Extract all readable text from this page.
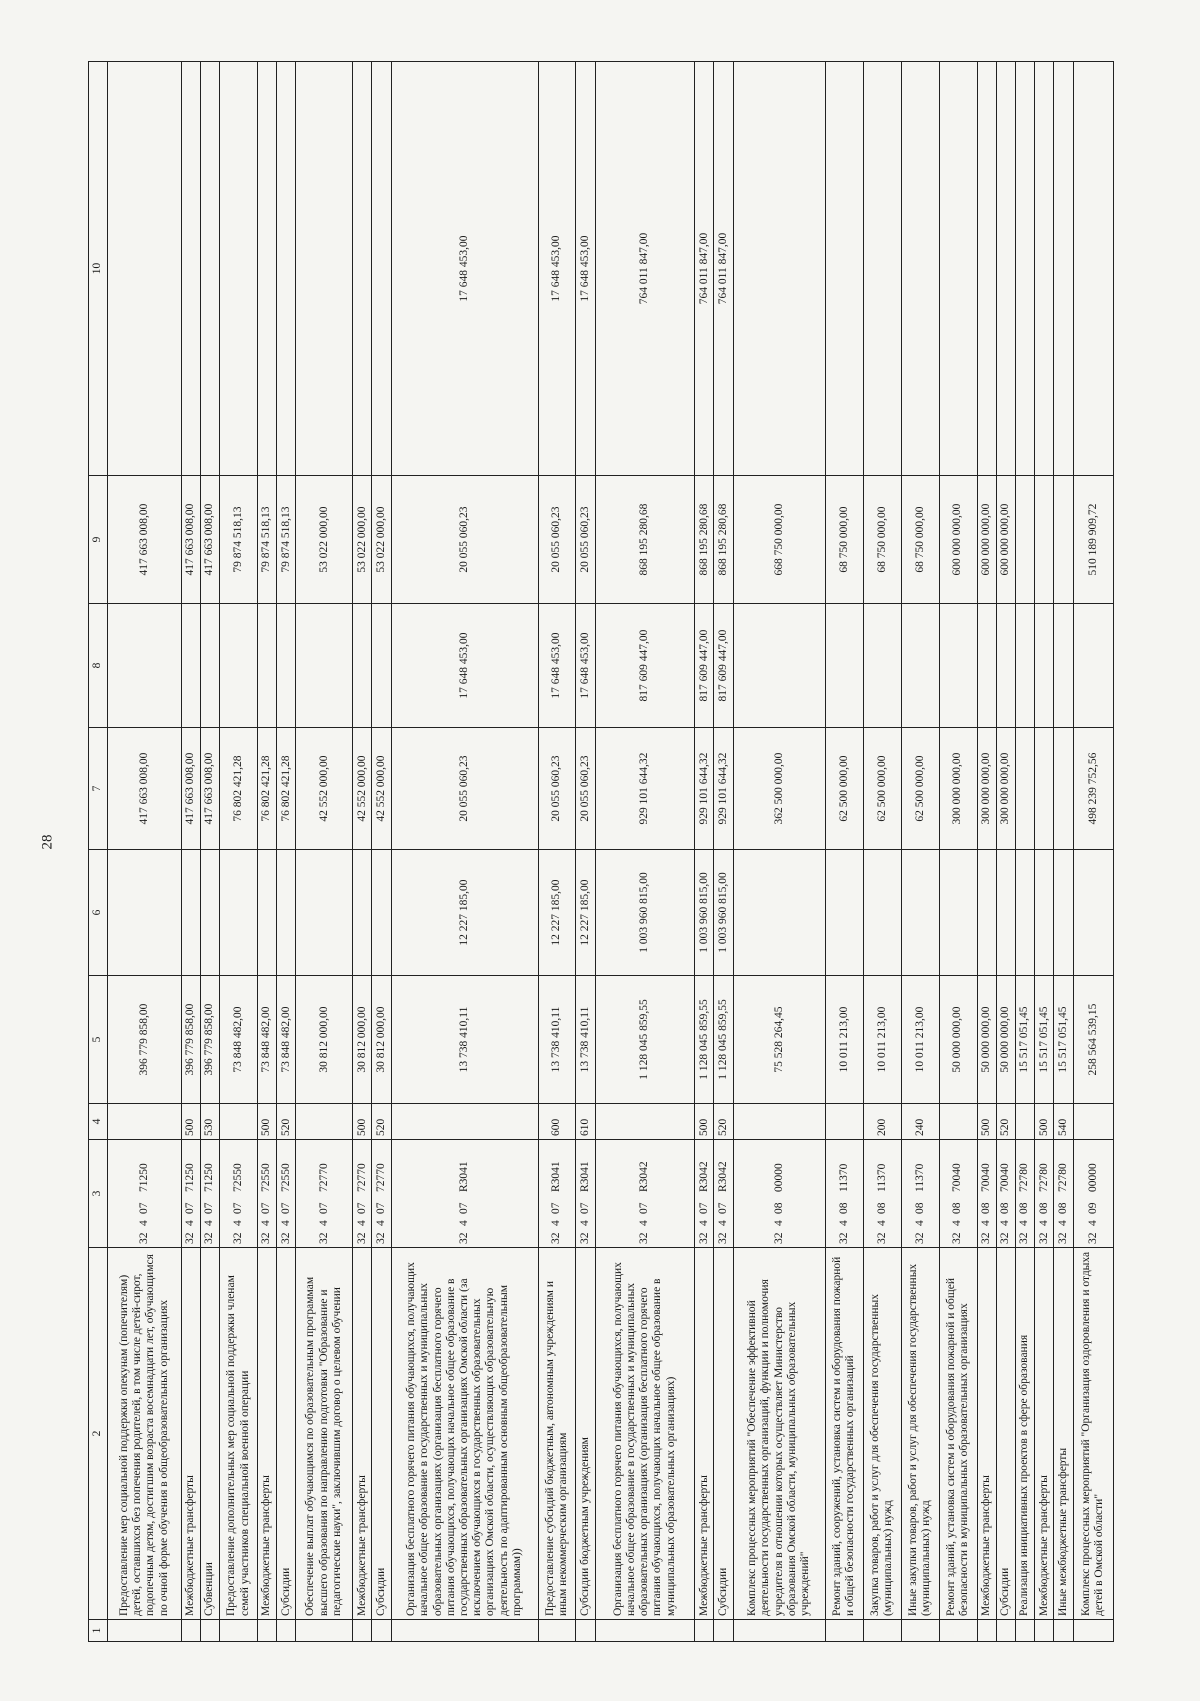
28
1	2	3	4	5	6	7	8	9	10
	Предоставление мер социальной поддержки опекунам (попечителям) детей, оставшихся без попечения родителей, в том числе детей-сирот, подопечным детям, достигшим возраста восемнадцати лет, обучающимся по очной форме обучения в общеобразовательных организациях	3240771250		396 779 858,00		417 663 008,00		417 663 008,00	
	Межбюджетные трансферты	3240771250	500	396 779 858,00		417 663 008,00		417 663 008,00	
	Субвенции	3240771250	530	396 779 858,00		417 663 008,00		417 663 008,00	
	Предоставление дополнительных мер социальной поддержки членам семей участников специальной военной операции	3240772550		73 848 482,00		76 802 421,28		79 874 518,13	
	Межбюджетные трансферты	3240772550	500	73 848 482,00		76 802 421,28		79 874 518,13	
	Субсидии	3240772550	520	73 848 482,00		76 802 421,28		79 874 518,13	
	Обеспечение выплат обучающимся по образовательным программам высшего образования по направлению подготовки "Образование и педагогические науки", заключившим договор о целевом обучении	3240772770		30 812 000,00		42 552 000,00		53 022 000,00	
	Межбюджетные трансферты	3240772770	500	30 812 000,00		42 552 000,00		53 022 000,00	
	Субсидии	3240772770	520	30 812 000,00		42 552 000,00		53 022 000,00	
	Организация бесплатного горячего питания обучающихся, получающих начальное общее образование в государственных и муниципальных образовательных организациях (организация бесплатного горячего питания обучающихся, получающих начальное общее образование в государственных образовательных организациях Омской области (за исключением обучающихся в государственных образовательных организациях Омской области, осуществляющих образовательную деятельность по адаптированным основным общеобразовательным программам))	32407R3041		13 738 410,11	12 227 185,00	20 055 060,23	17 648 453,00	20 055 060,23	17 648 453,00
	Предоставление субсидий бюджетным, автономным учреждениям и иным некоммерческим организациям	32407R3041	600	13 738 410,11	12 227 185,00	20 055 060,23	17 648 453,00	20 055 060,23	17 648 453,00
	Субсидии бюджетным учреждениям	32407R3041	610	13 738 410,11	12 227 185,00	20 055 060,23	17 648 453,00	20 055 060,23	17 648 453,00
	Организация бесплатного горячего питания обучающихся, получающих начальное общее образование в государственных и муниципальных образовательных организациях (организация бесплатного горячего питания обучающихся, получающих начальное общее образование в муниципальных образовательных организациях)	32407R3042		1 128 045 859,55	1 003 960 815,00	929 101 644,32	817 609 447,00	868 195 280,68	764 011 847,00
	Межбюджетные трансферты	32407R3042	500	1 128 045 859,55	1 003 960 815,00	929 101 644,32	817 609 447,00	868 195 280,68	764 011 847,00
	Субсидии	32407R3042	520	1 128 045 859,55	1 003 960 815,00	929 101 644,32	817 609 447,00	868 195 280,68	764 011 847,00
	Комплекс процессных мероприятий "Обеспечение эффективной деятельности государственных организаций, функции и полномочия учредителя в отношении которых осуществляет Министерство образования Омской области, муниципальных образовательных учреждений"	3240800000		75 528 264,45		362 500 000,00		668 750 000,00	
	Ремонт зданий, сооружений, установка систем и оборудования пожарной и общей безопасности государственных организаций	3240811370		10 011 213,00		62 500 000,00		68 750 000,00	
	Закупка товаров, работ и услуг для обеспечения государственных (муниципальных) нужд	3240811370	200	10 011 213,00		62 500 000,00		68 750 000,00	
	Иные закупки товаров, работ и услуг для обеспечения государственных (муниципальных) нужд	3240811370	240	10 011 213,00		62 500 000,00		68 750 000,00	
	Ремонт зданий, установка систем и оборудования пожарной и общей безопасности в муниципальных образовательных организациях	3240870040		50 000 000,00		300 000 000,00		600 000 000,00	
	Межбюджетные трансферты	3240870040	500	50 000 000,00		300 000 000,00		600 000 000,00	
	Субсидии	3240870040	520	50 000 000,00		300 000 000,00		600 000 000,00	
	Реализация инициативных проектов в сфере образования	3240872780		15 517 051,45					
	Межбюджетные трансферты	3240872780	500	15 517 051,45					
	Иные межбюджетные трансферты	3240872780	540	15 517 051,45					
	Комплекс процессных мероприятий "Организация оздоровления и отдыха детей в Омской области"	3240900000		258 564 539,15		498 239 752,56		510 189 909,72	
